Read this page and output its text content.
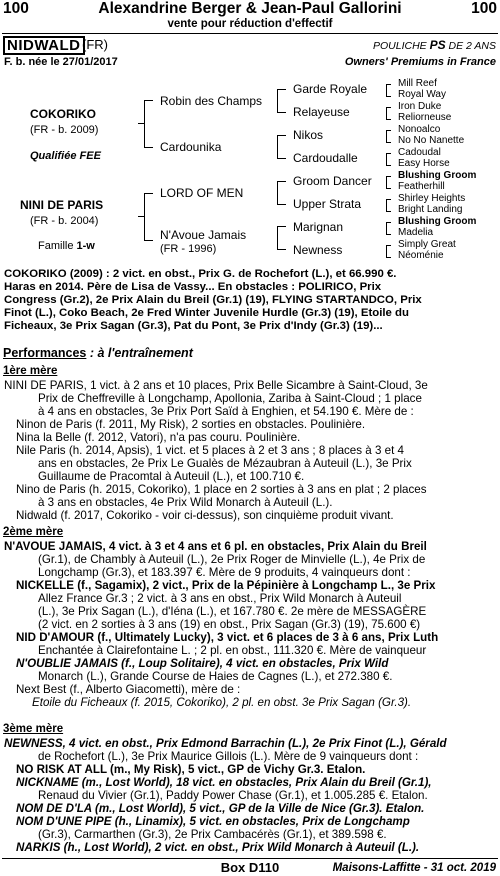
100	Alexandrine Berger & Jean-Paul Gallorini	100
vente pour réduction d'effectif
NIDWALD (FR)	POULICHE PS DE 2 ANS
F. b. née le 27/01/2017	Owners' Premiums in France
COKORIKO
(FR - b. 2009)
Qualifiée FEE
NINI DE PARIS
(FR - b. 2004)
Famille 1-w
Robin des Champs
Cardounika
LORD OF MEN
N'Avoue Jamais
(FR - 1996)
Garde Royale
Relayeuse
Nikos
Cardoudalle
Groom Dancer
Upper Strata
Marignan
Newness
Mill Reef
Royal Way
Iron Duke
Reliorneuse
Nonoalco
No No Nanette
Cadoudal
Easy Horse
Blushing Groom
Featherhill
Shirley Heights
Bright Landing
Blushing Groom
Madelia
Simply Great
Néoménie
COKORIKO (2009) : 2 vict. en obst., Prix G. de Rochefort (L.), et 66.990 €.
Haras en 2014. Père de Lisa de Vassy... En obstacles : POLIRICO, Prix
Congress (Gr.2), 2e Prix Alain du Breil (Gr.1) (19), FLYING STARTANDCO, Prix
Finot (L.), Coko Beach, 2e Fred Winter Juvenile Hurdle (Gr.3) (19), Etoile du
Ficheaux, 3e Prix Sagan (Gr.3), Pat du Pont, 3e Prix d'Indy (Gr.3) (19)...
Performances : à l'entraînement
1ère mère
NINI DE PARIS, 1 vict. à 2 ans et 10 places, Prix Belle Sicambre à Saint-Cloud, 3e
Prix de Cheffreville à Longchamp, Apollonia, Zariba à Saint-Cloud ; 1 place
à 4 ans en obstacles, 3e Prix Port Saïd à Enghien, et 54.190 €. Mère de :
Ninon de Paris (f. 2011, My Risk), 2 sorties en obstacles. Poulinière.
Nina la Belle (f. 2012, Vatori), n'a pas couru. Poulinière.
Nile Paris (h. 2014, Apsis), 1 vict. et 5 places à 2 et 3 ans ; 8 places à 3 et 4
ans en obstacles, 2e Prix Le Gualès de Mézaubran à Auteuil (L.), 3e Prix
Guillaume de Pracomtal à Auteuil (L.), et 100.710 €.
Nino de Paris (h. 2015, Cokoriko), 1 place en 2 sorties à 3 ans en plat ; 2 places
à 3 ans en obstacles, 4e Prix Wild Monarch à Auteuil (L.).
Nidwald (f. 2017, Cokoriko - voir ci-dessus), son cinquième produit vivant.
2ème mère
N'AVOUE JAMAIS, 4 vict. à 3 et 4 ans et 6 pl. en obstacles, Prix Alain du Breil
(Gr.1), de Chambly à Auteuil (L.), 2e Prix Roger de Minvielle (L.), 4e Prix de
Longchamp (Gr.3), et 183.397 €. Mère de 9 produits, 4 vainqueurs dont :
NICKELLE (f., Sagamix), 2 vict., Prix de la Pépinière à Longchamp L., 3e Prix
Allez France Gr.3 ; 2 vict. à 3 ans en obst., Prix Wild Monarch à Auteuil
(L.), 3e Prix Sagan (L.), d'Iéna (L.), et 167.780 €. 2e mère de MESSAGÈRE
(2 vict. en 2 sorties à 3 ans (19) en obst., Prix Sagan (Gr.3) (19), 75.600 €)
NID D'AMOUR (f., Ultimately Lucky), 3 vict. et 6 places de 3 à 6 ans, Prix Luth
Enchantée à Clairefontaine L. ; 2 pl. en obst., 111.320 €. Mère de vainqueur
N'OUBLIE JAMAIS (f., Loup Solitaire), 4 vict. en obstacles, Prix Wild
Monarch (L.), Grande Course de Haies de Cagnes (L.), et 272.380 €.
Next Best (f., Alberto Giacometti), mère de :
Etoile du Ficheaux (f. 2015, Cokoriko), 2 pl. en obst. 3e Prix Sagan (Gr.3).
3ème mère
NEWNESS, 4 vict. en obst., Prix Edmond Barrachin (L.), 2e Prix Finot (L.), Gérald
de Rochefort (L.), 3e Prix Maurice Gillois (L.). Mère de 9 vainqueurs dont :
NO RISK AT ALL (m., My Risk), 5 vict., GP de Vichy Gr.3. Etalon.
NICKNAME (m., Lost World), 18 vict. en obstacles, Prix Alain du Breil (Gr.1),
Renaud du Vivier (Gr.1), Paddy Power Chase (Gr.1), et 1.005.285 €. Etalon.
NOM DE D'LA (m., Lost World), 5 vict., GP de la Ville de Nice (Gr.3). Etalon.
NOM D'UNE PIPE (h., Linamix), 5 vict. en obstacles, Prix de Longchamp
(Gr.3), Carmarthen (Gr.3), 2e Prix Cambacérès (Gr.1), et 389.598 €.
NARKIS (h., Lost World), 2 vict. en obst., Prix Wild Monarch à Auteuil (L.).
Box D110	Maisons-Laffitte - 31 oct. 2019
